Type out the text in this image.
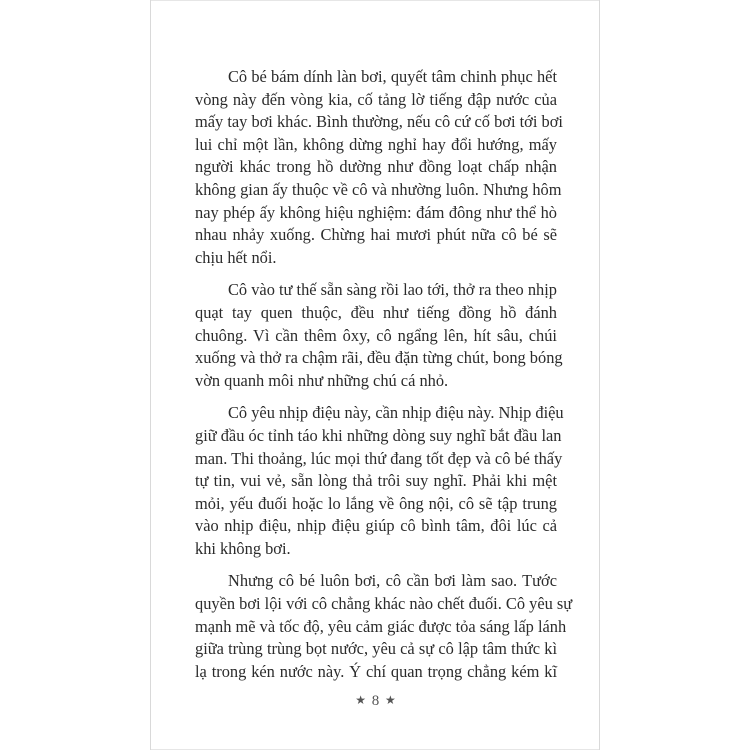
Cô bé bám dính làn bơi, quyết tâm chinh phục hết
vòng này đến vòng kia, cố tảng lờ tiếng đập nước của
mấy tay bơi khác. Bình thường, nếu cô cứ cố bơi tới bơi
lui chỉ một lần, không dừng nghỉ hay đổi hướng, mấy
người khác trong hồ dường như đồng loạt chấp nhận
không gian ấy thuộc về cô và nhường luôn. Nhưng hôm
nay phép ấy không hiệu nghiệm: đám đông như thể hò
nhau nhảy xuống. Chừng hai mươi phút nữa cô bé sẽ
chịu hết nổi.

Cô vào tư thế sẵn sàng rồi lao tới, thở ra theo nhịp
quạt tay quen thuộc, đều như tiếng đồng hồ đánh
chuông. Vì cần thêm ôxy, cô ngẩng lên, hít sâu, chúi
xuống và thở ra chậm rãi, đều đặn từng chút, bong bóng
vờn quanh môi như những chú cá nhỏ.

Cô yêu nhịp điệu này, cần nhịp điệu này. Nhịp điệu
giữ đầu óc tỉnh táo khi những dòng suy nghĩ bắt đầu lan
man. Thi thoảng, lúc mọi thứ đang tốt đẹp và cô bé thấy
tự tin, vui vẻ, sẵn lòng thả trôi suy nghĩ. Phải khi mệt
mỏi, yếu đuối hoặc lo lắng về ông nội, cô sẽ tập trung
vào nhịp điệu, nhịp điệu giúp cô bình tâm, đôi lúc cả
khi không bơi.

Nhưng cô bé luôn bơi, cô cần bơi làm sao. Tước
quyền bơi lội với cô chẳng khác nào chết đuối. Cô yêu sự
mạnh mẽ và tốc độ, yêu cảm giác được tỏa sáng lấp lánh
giữa trùng trùng bọt nước, yêu cả sự cô lập tâm thức kì
lạ trong kén nước này. Ý chí quan trọng chẳng kém kĩ

★ 8 ★
